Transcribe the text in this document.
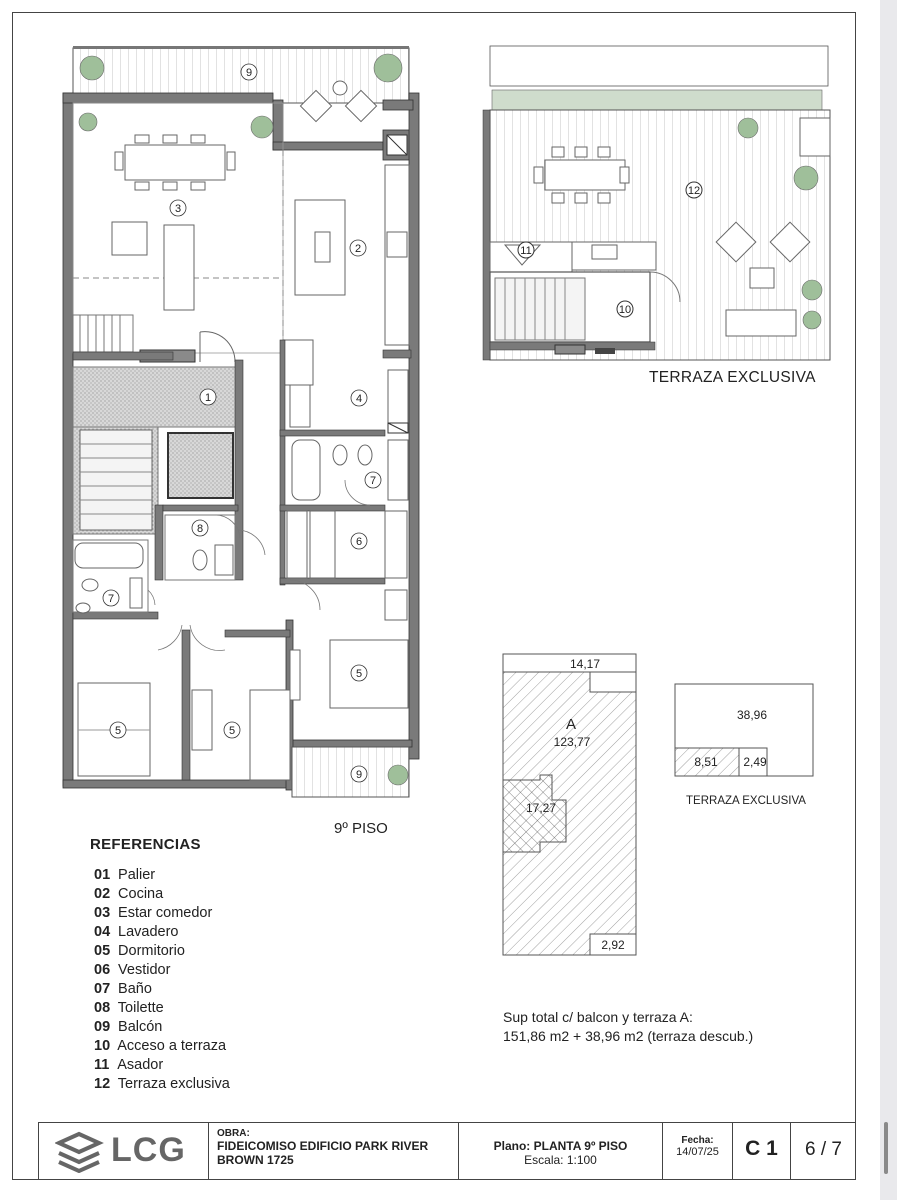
9
3
2
1	4
7
8
6
7
5
5	5
9
11
12
10
14,17
A
123,77
17,27
2,92
38,96
8,51 2,49
TERRAZA EXCLUSIVA
TERRAZA EXCLUSIVA
9º PISO
REFERENCIAS
01 Palier
02 Cocina
03 Estar comedor
04 Lavadero
05 Dormitorio
06 Vestidor
07 Baño
08 Toilette
09 Balcón
10 Acceso a terraza
11 Asador
12 Terraza exclusiva
Sup total c/ balcon y terraza A:
151,86 m2 + 38,96 m2 (terraza descub.)
LCG	OBRA:
FIDEICOMISO EDIFICIO PARK RIVER
BROWN 1725
Plano: PLANTA 9º PISO
Escala: 1:100
Fecha:
14/07/25	C 1	6 / 7
